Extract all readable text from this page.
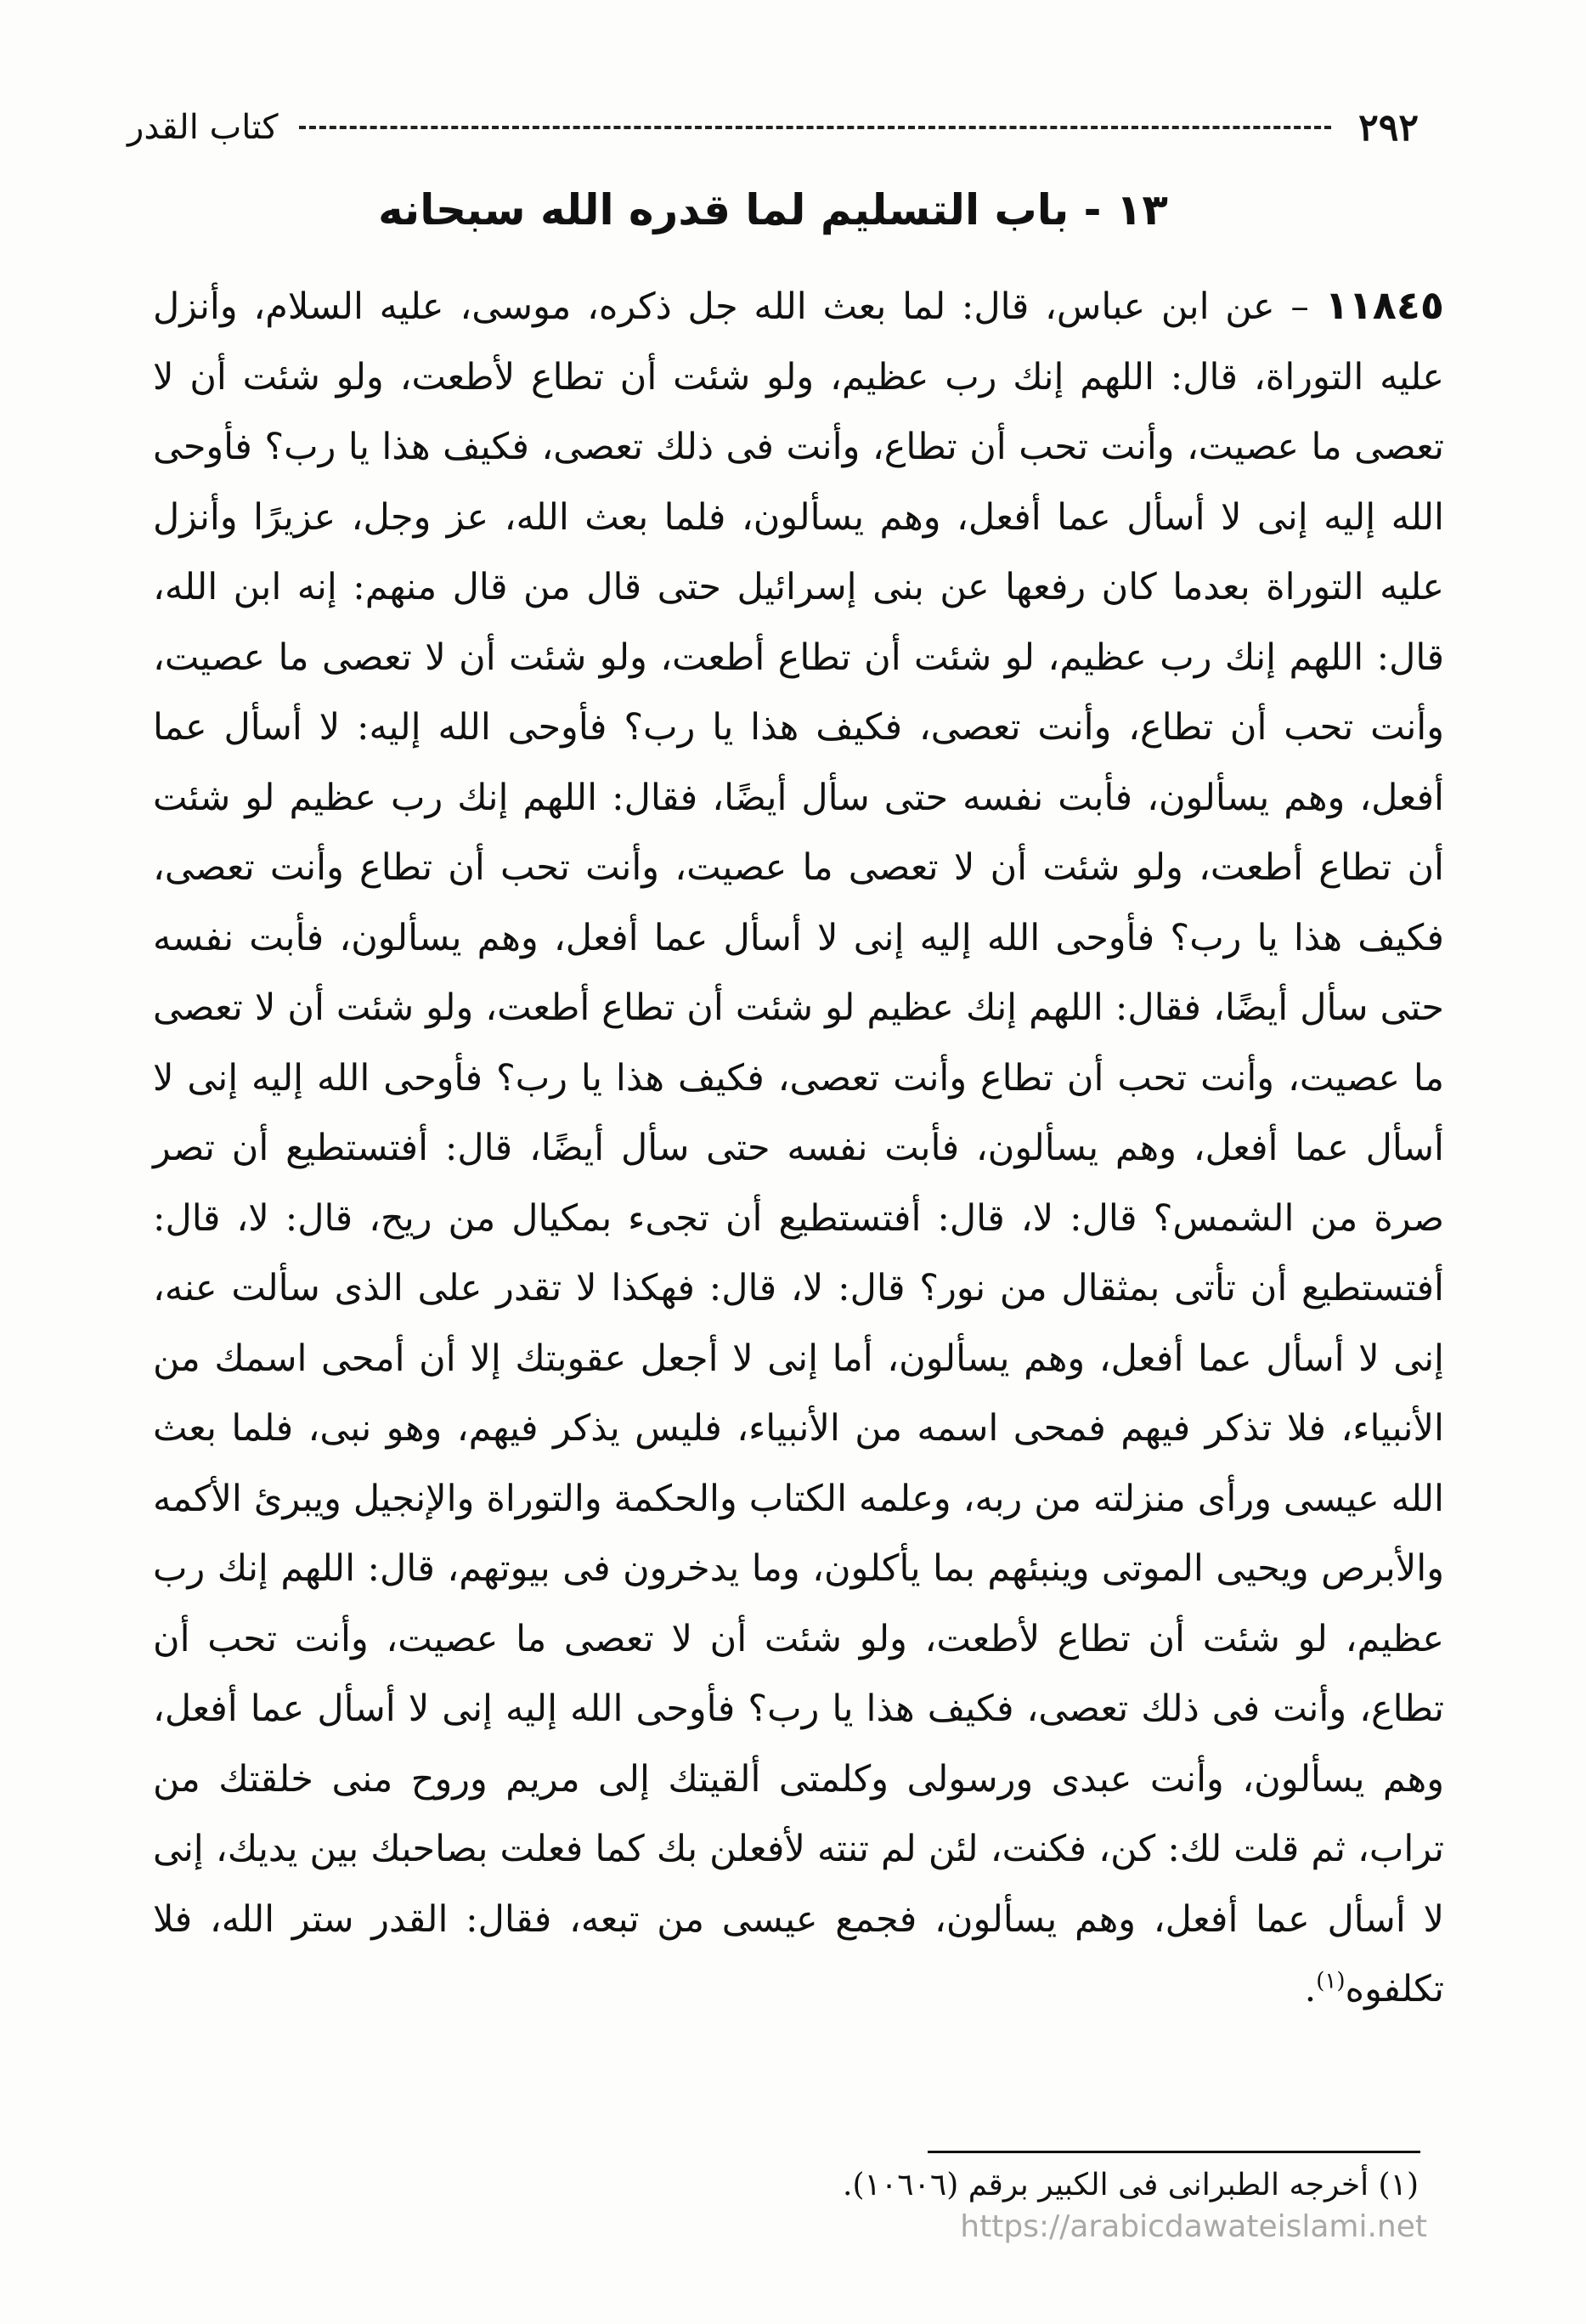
٢٩٢
كتاب القدر
١٣ - باب التسليم لما قدره الله سبحانه
١١٨٤٥ – عن ابن عباس، قال: لما بعث الله جل ذكره، موسى، عليه السلام، وأنزل عليه التوراة، قال: اللهم إنك رب عظيم، ولو شئت أن تطاع لأطعت، ولو شئت أن لا تعصى ما عصيت، وأنت تحب أن تطاع، وأنت فى ذلك تعصى، فكيف هذا يا رب؟ فأوحى الله إليه إنى لا أسأل عما أفعل، وهم يسألون، فلما بعث الله، عز وجل، عزيرًا وأنزل عليه التوراة بعدما كان رفعها عن بنى إسرائيل حتى قال من قال منهم: إنه ابن الله، قال: اللهم إنك رب عظيم، لو شئت أن تطاع أطعت، ولو شئت أن لا تعصى ما عصيت، وأنت تحب أن تطاع، وأنت تعصى، فكيف هذا يا رب؟ فأوحى الله إليه: لا أسأل عما أفعل، وهم يسألون، فأبت نفسه حتى سأل أيضًا، فقال: اللهم إنك رب عظيم لو شئت أن تطاع أطعت، ولو شئت أن لا تعصى ما عصيت، وأنت تحب أن تطاع وأنت تعصى، فكيف هذا يا رب؟ فأوحى الله إليه إنى لا أسأل عما أفعل، وهم يسألون، فأبت نفسه حتى سأل أيضًا، فقال: اللهم إنك عظيم لو شئت أن تطاع أطعت، ولو شئت أن لا تعصى ما عصيت، وأنت تحب أن تطاع وأنت تعصى، فكيف هذا يا رب؟ فأوحى الله إليه إنى لا أسأل عما أفعل، وهم يسألون، فأبت نفسه حتى سأل أيضًا، قال: أفتستطيع أن تصر صرة من الشمس؟ قال: لا، قال: أفتستطيع أن تجىء بمكيال من ريح، قال: لا، قال: أفتستطيع أن تأتى بمثقال من نور؟ قال: لا، قال: فهكذا لا تقدر على الذى سألت عنه، إنى لا أسأل عما أفعل، وهم يسألون، أما إنى لا أجعل عقوبتك إلا أن أمحى اسمك من الأنبياء، فلا تذكر فيهم فمحى اسمه من الأنبياء، فليس يذكر فيهم، وهو نبى، فلما بعث الله عيسى ورأى منزلته من ربه، وعلمه الكتاب والحكمة والتوراة والإنجيل ويبرئ الأكمه والأبرص ويحيى الموتى وينبئهم بما يأكلون، وما يدخرون فى بيوتهم، قال: اللهم إنك رب عظيم، لو شئت أن تطاع لأطعت، ولو شئت أن لا تعصى ما عصيت، وأنت تحب أن تطاع، وأنت فى ذلك تعصى، فكيف هذا يا رب؟ فأوحى الله إليه إنى لا أسأل عما أفعل، وهم يسألون، وأنت عبدى ورسولى وكلمتى ألقيتك إلى مريم وروح منى خلقتك من تراب، ثم قلت لك: كن، فكنت، لئن لم تنته لأفعلن بك كما فعلت بصاحبك بين يديك، إنى لا أسأل عما أفعل، وهم يسألون، فجمع عيسى من تبعه، فقال: القدر ستر الله، فلا تكلفوه$^{(١)}$.
(١) أخرجه الطبرانى فى الكبير برقم (١٠٦٠٦).
https://arabicdawateislami.net
